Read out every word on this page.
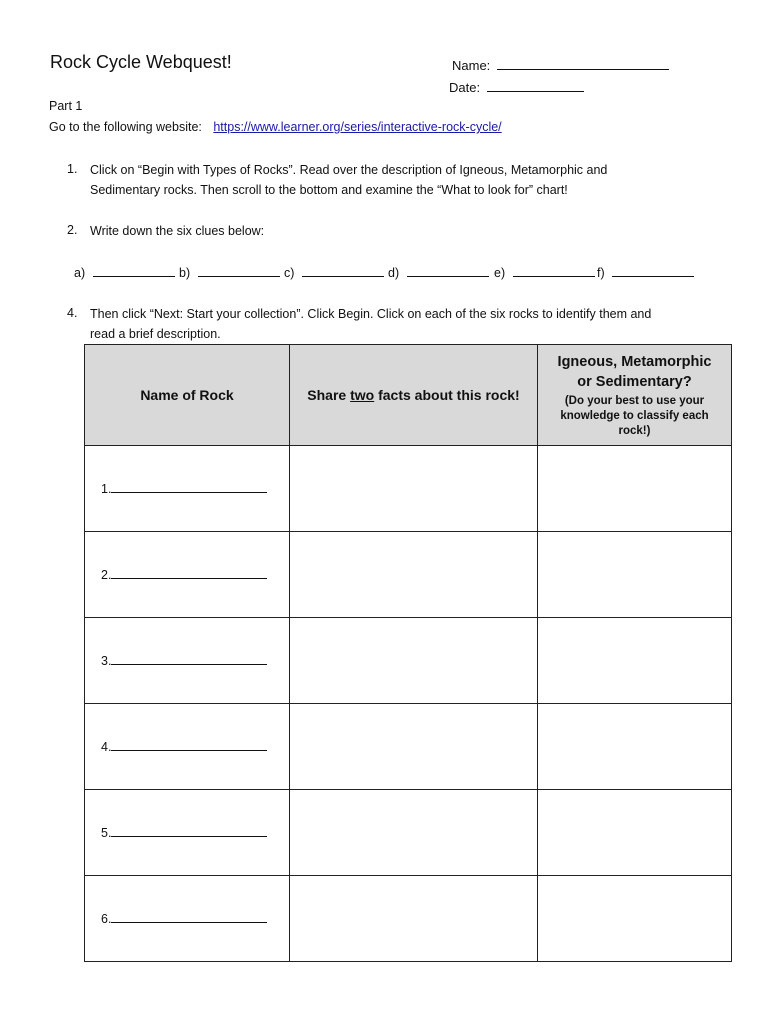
Rock Cycle Webquest!	Name:
Date:
Part 1
Go to the following website: https://www.learner.org/series/interactive-rock-cycle/
1. Click on “Begin with Types of Rocks”. Read over the description of Igneous, Metamorphic and
Sedimentary rocks. Then scroll to the bottom and examine the “What to look for” chart!
2. Write down the six clues below:
a)	b)	c)	d)	e)	f)
4. Then click “Next: Start your collection”. Click Begin. Click on each of the six rocks to identify them and
read a brief description.
Name of Rock	Share two facts about this rock!	Igneous, Metamorphic
or Sedimentary?
(Do your best to use your
knowledge to classify each
rock!)

1.		
2.		
3.		
4.		
5.		
6.		
